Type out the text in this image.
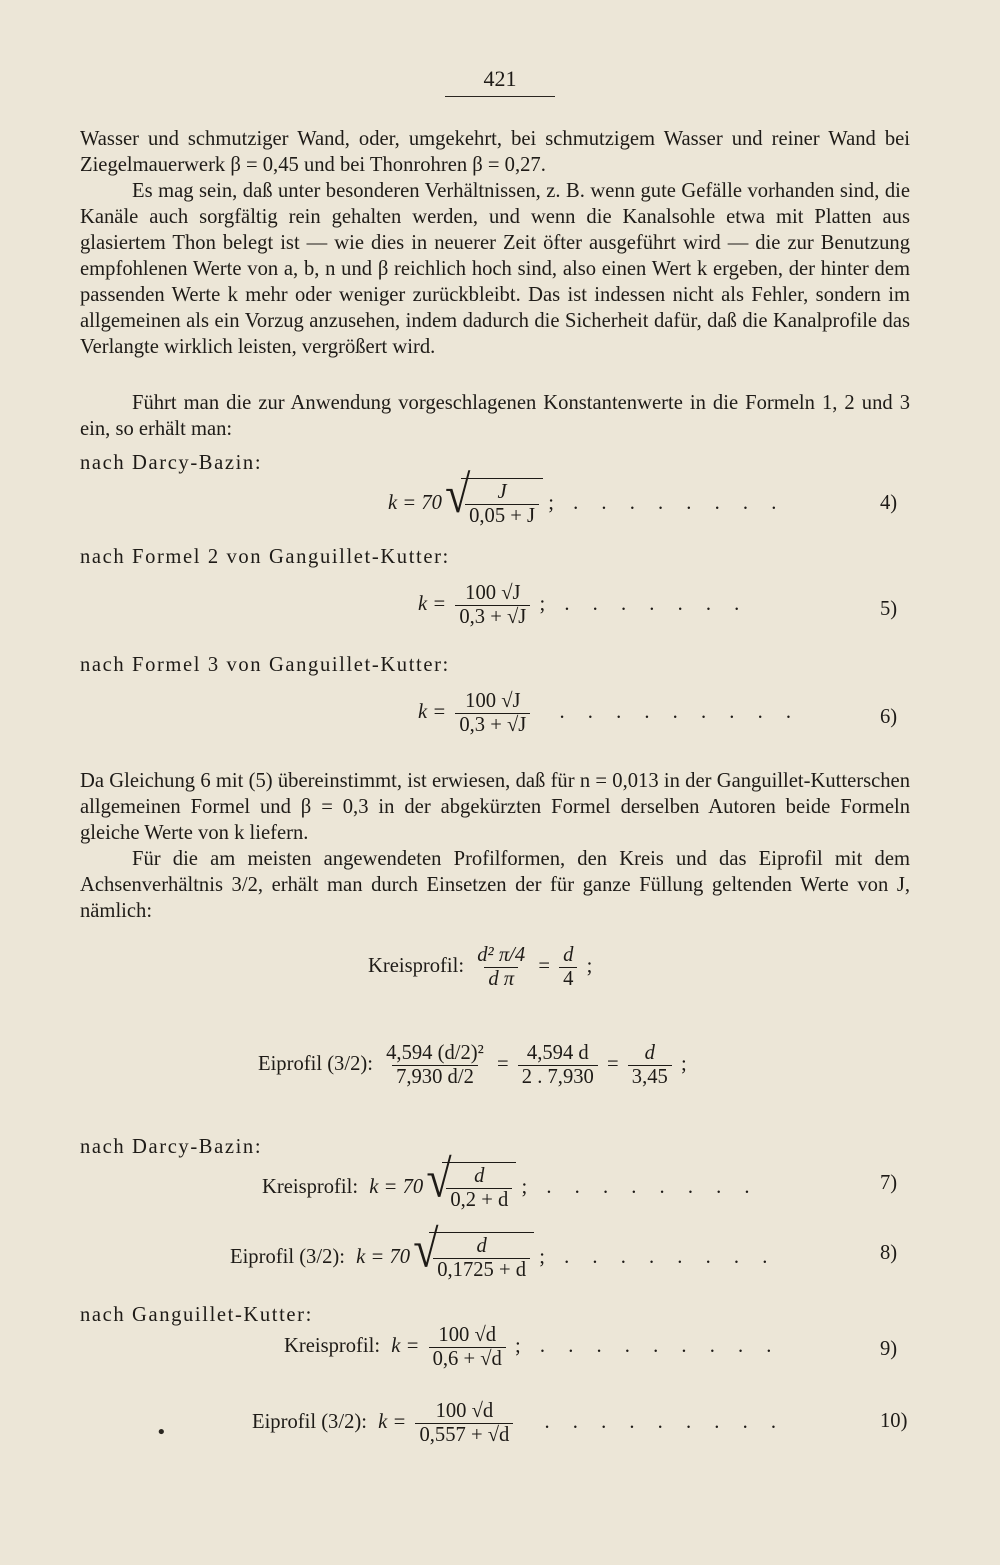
421
Wasser und schmutziger Wand, oder, umgekehrt, bei schmutzigem Wasser und reiner Wand bei Ziegelmauerwerk β = 0,45 und bei Thonrohren β = 0,27.
Es mag sein, daß unter besonderen Verhältnissen, z. B. wenn gute Gefälle vorhanden sind, die Kanäle auch sorgfältig rein gehalten werden, und wenn die Kanalsohle etwa mit Platten aus glasiertem Thon belegt ist — wie dies in neuerer Zeit öfter ausgeführt wird — die zur Benutzung empfohlenen Werte von a, b, n und β reichlich hoch sind, also einen Wert k ergeben, der hinter dem passenden Werte k mehr oder weniger zurückbleibt. Das ist indessen nicht als Fehler, sondern im allgemeinen als ein Vorzug anzusehen, indem dadurch die Sicherheit dafür, daß die Kanalprofile das Verlangte wirklich leisten, vergrößert wird.
Führt man die zur Anwendung vorgeschlagenen Konstantenwerte in die Formeln 1, 2 und 3 ein, so erhält man:
nach Darcy-Bazin:
k = 70 √ $\frac{J}{0,05 + J}$ ; . . . . . . . .	4)
nach Formel 2 von Ganguillet-Kutter:
$k = \frac{100 √J}{0,3 + √J}$ ; . . . . . . .	5)
nach Formel 3 von Ganguillet-Kutter:
$k = \frac{100 √J}{0,3 + √J}$ . . . . . . . . .	6)
Da Gleichung 6 mit (5) übereinstimmt, ist erwiesen, daß für n = 0,013 in der Ganguillet-Kutterschen allgemeinen Formel und β = 0,3 in der abgekürzten Formel derselben Autoren beide Formeln gleiche Werte von k liefern.
Für die am meisten angewendeten Profilformen, den Kreis und das Eiprofil mit dem Achsenverhältnis 3/2, erhält man durch Einsetzen der für ganze Füllung geltenden Werte von J, nämlich:
Kreisprofil: $\frac{\text{d² π/4}}{\text{d π}} = \frac{d}{4}$ ;
Eiprofil (3/2): $\frac{\text{4,594 (d/2)²}}{7,930 d/2} = \frac{4,594 d}{2 . 7,930} = \frac{d}{3,45}$ ;
nach Darcy-Bazin:
Kreisprofil: k = 70 √ $\frac{d}{0,2 + d}$ ; . . . . . . . .	7)
Eiprofil (3/2): k = 70 √ $\frac{d}{0,1725 + d}$ ; . . . . . . . .	8)
nach Ganguillet-Kutter:
Kreisprofil: $k = \frac{100 √d}{0,6 + √d}$ ; . . . . . . . . .	9)
•	Eiprofil (3/2): $k = \frac{100 √d}{0,557 + √d}$ . . . . . . . . .	10)
